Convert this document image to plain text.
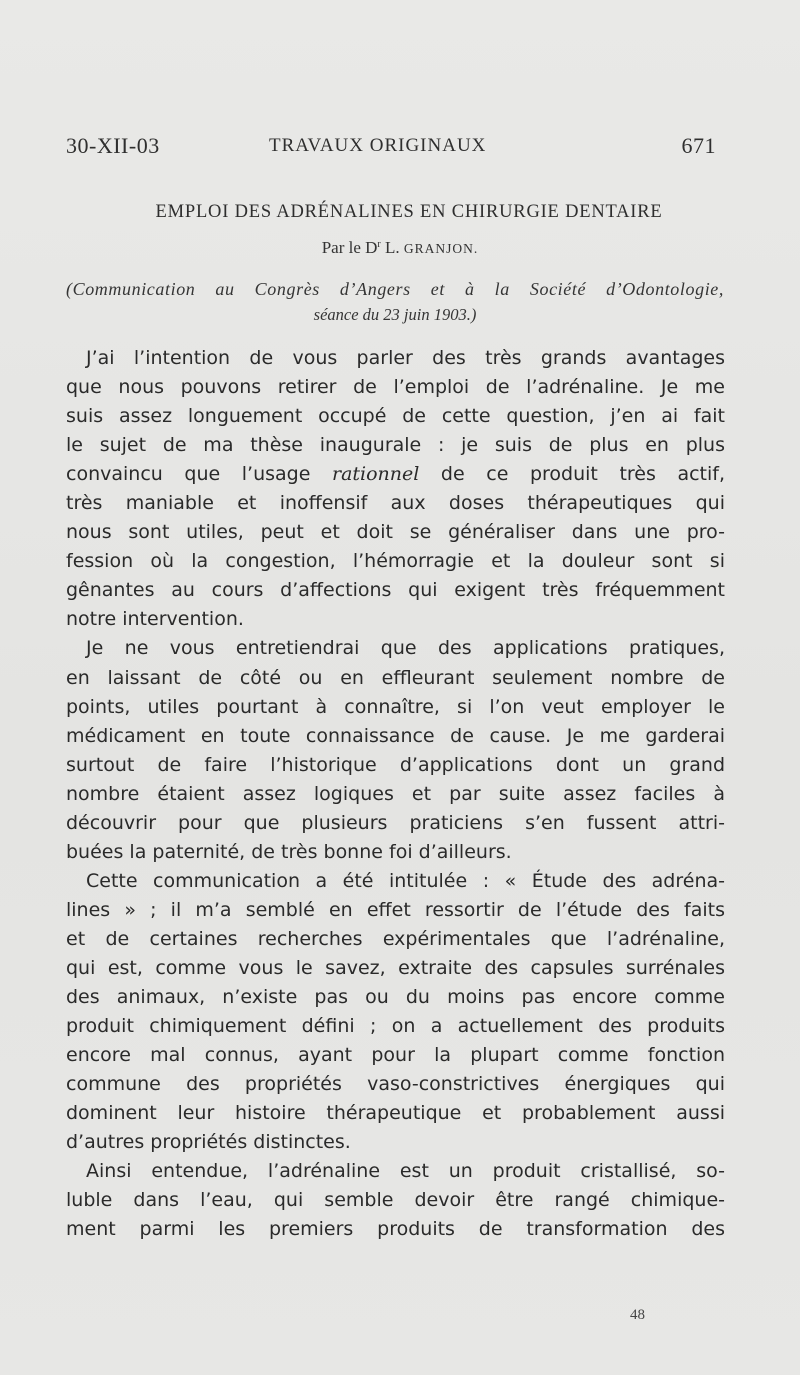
30-XII-03	TRAVAUX ORIGINAUX	671
EMPLOI DES ADRÉNALINES EN CHIRURGIE DENTAIRE
Par le $D^r$ L. GRANJON.
(Communication au Congrès d’Angers et à la Société d’Odontologie,
séance du 23 juin 1903.)
J’ai l’intention de vous parler des très grands avantages
que nous pouvons retirer de l’emploi de l’adrénaline. Je me
suis assez longuement occupé de cette question, j’en ai fait
le sujet de ma thèse inaugurale : je suis de plus en plus
convaincu que l’usage rationnel de ce produit très actif,
très maniable et inoffensif aux doses thérapeutiques qui
nous sont utiles, peut et doit se généraliser dans une pro-
fession où la congestion, l’hémorragie et la douleur sont si
gênantes au cours d’affections qui exigent très fréquemment
notre intervention.
Je ne vous entretiendrai que des applications pratiques,
en laissant de côté ou en effleurant seulement nombre de
points, utiles pourtant à connaître, si l’on veut employer le
médicament en toute connaissance de cause. Je me garderai
surtout de faire l’historique d’applications dont un grand
nombre étaient assez logiques et par suite assez faciles à
découvrir pour que plusieurs praticiens s’en fussent attri-
buées la paternité, de très bonne foi d’ailleurs.
Cette communication a été intitulée : « Étude des adréna-
lines » ; il m’a semblé en effet ressortir de l’étude des faits
et de certaines recherches expérimentales que l’adrénaline,
qui est, comme vous le savez, extraite des capsules surrénales
des animaux, n’existe pas ou du moins pas encore comme
produit chimiquement défini ; on a actuellement des produits
encore mal connus, ayant pour la plupart comme fonction
commune des propriétés vaso-constrictives énergiques qui
dominent leur histoire thérapeutique et probablement aussi
d’autres propriétés distinctes.
Ainsi entendue, l’adrénaline est un produit cristallisé, so-
luble dans l’eau, qui semble devoir être rangé chimique-
ment parmi les premiers produits de transformation des
48
